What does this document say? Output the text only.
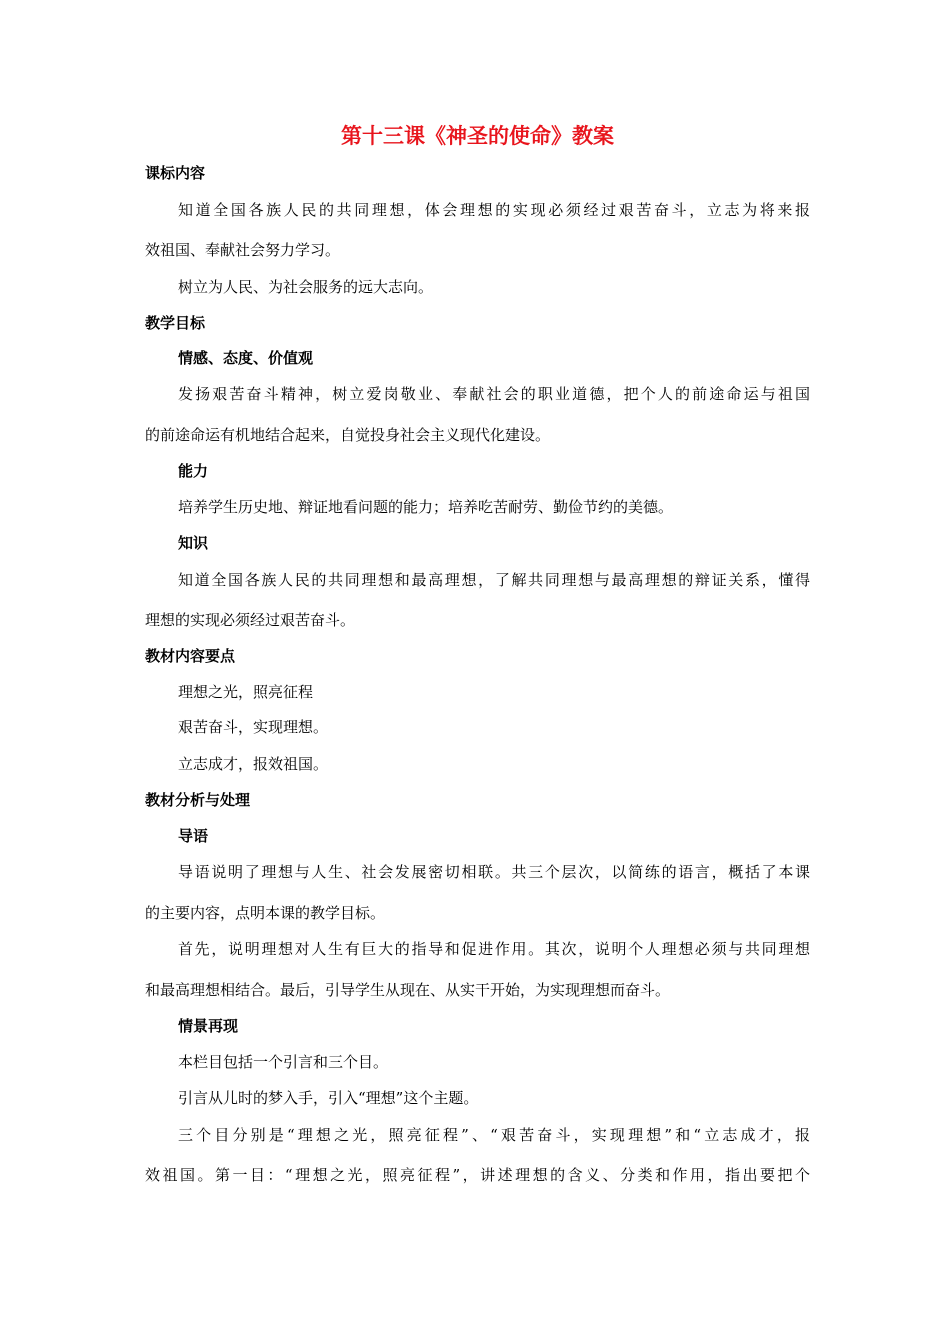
第十三课《神圣的使命》教案
课标内容
知道全国各族人民的共同理想，体会理想的实现必须经过艰苦奋斗，立志为将来报
效祖国、奉献社会努力学习。
树立为人民、为社会服务的远大志向。
教学目标
情感、态度、价值观
发扬艰苦奋斗精神，树立爱岗敬业、奉献社会的职业道德，把个人的前途命运与祖国
的前途命运有机地结合起来，自觉投身社会主义现代化建设。
能力
培养学生历史地、辩证地看问题的能力；培养吃苦耐劳、勤俭节约的美德。
知识
知道全国各族人民的共同理想和最高理想，了解共同理想与最高理想的辩证关系，懂得
理想的实现必须经过艰苦奋斗。
教材内容要点
理想之光，照亮征程
艰苦奋斗，实现理想。
立志成才，报效祖国。
教材分析与处理
导语
导语说明了理想与人生、社会发展密切相联。共三个层次，以简练的语言，概括了本课
的主要内容，点明本课的教学目标。
首先，说明理想对人生有巨大的指导和促进作用。其次，说明个人理想必须与共同理想
和最高理想相结合。最后，引导学生从现在、从实干开始，为实现理想而奋斗。
情景再现
本栏目包括一个引言和三个目。
引言从儿时的梦入手，引入“理想”这个主题。
三个目分别是“理想之光，照亮征程”、“艰苦奋斗，实现理想”和“立志成才，报
效祖国。第一目：“理想之光，照亮征程”，讲述理想的含义、分类和作用，指出要把个
